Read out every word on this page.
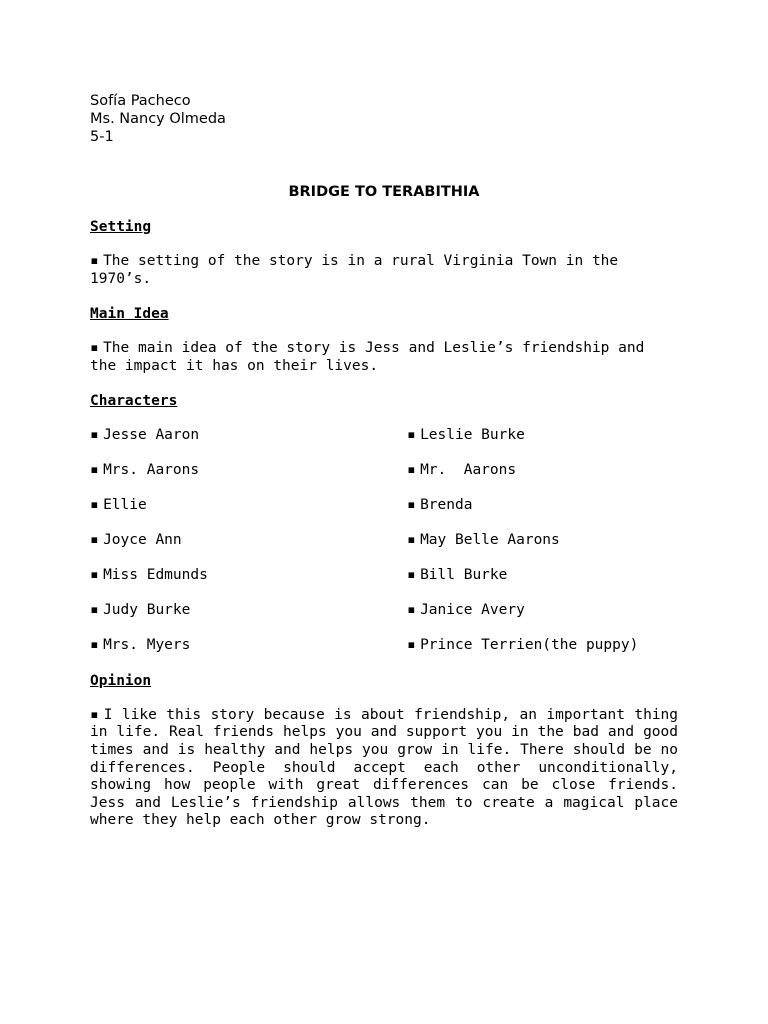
Sofía Pacheco
Ms. Nancy Olmeda
5-1
BRIDGE TO TERABITHIA
Setting
▪ The setting of the story is in a rural Virginia Town in the 1970’s.
Main Idea
▪ The main idea of the story is Jess and Leslie’s friendship and the impact it has on their lives.
Characters
▪ Jesse Aaron	▪ Leslie Burke
▪ Mrs. Aarons	▪ Mr.  Aarons
▪ Ellie	▪ Brenda
▪ Joyce Ann	▪ May Belle Aarons
▪ Miss Edmunds	▪ Bill Burke
▪ Judy Burke	▪ Janice Avery
▪ Mrs. Myers	▪ Prince Terrien(the puppy)
Opinion
▪ I like this story because is about friendship, an important thing in life. Real friends helps you and support you in the bad and good times and is healthy and helps you grow in life. There should be no differences. People should accept each other unconditionally, showing how people with great differences can be close friends.   Jess and Leslie’s friendship allows them to create a magical place where they help each other grow strong.
